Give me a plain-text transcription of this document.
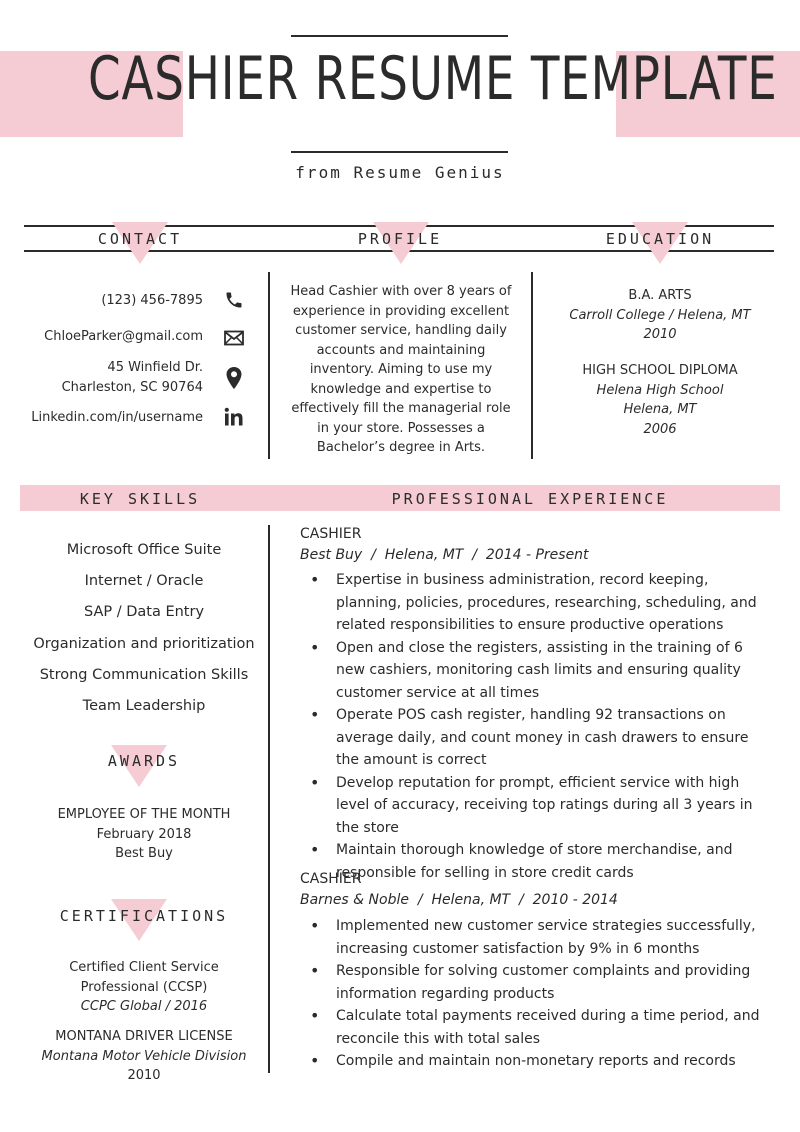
CASHIER RESUME TEMPLATE
from Resume Genius
CONTACT	PROFILE	EDUCATION
(123) 456-7895
ChloeParker@gmail.com
45 Winfield Dr.
Charleston, SC 90764
Linkedin.com/in/username
Head Cashier with over 8 years of experience in providing excellent customer service, handling daily accounts and maintaining inventory. Aiming to use my knowledge and expertise to effectively fill the managerial role in your store. Possesses a Bachelor’s degree in Arts.
B.A. ARTS
Carroll College / Helena, MT
2010
HIGH SCHOOL DIPLOMA
Helena High School
Helena, MT
2006
KEY SKILLS	PROFESSIONAL EXPERIENCE
Microsoft Office Suite
Internet / Oracle
SAP / Data Entry
Organization and prioritization
Strong Communication Skills
Team Leadership
AWARDS
EMPLOYEE OF THE MONTH
February 2018
Best Buy
CERTIFICATIONS
Certified Client Service
Professional (CCSP)
CCPC Global / 2016
MONTANA DRIVER LICENSE
Montana Motor Vehicle Division
2010
CASHIER
Best Buy  /  Helena, MT  /  2014 - Present
• Expertise in business administration, record keeping, planning, policies, procedures, researching, scheduling, and related responsibilities to ensure productive operations
• Open and close the registers, assisting in the training of 6 new cashiers, monitoring cash limits and ensuring quality customer service at all times
• Operate POS cash register, handling 92 transactions on average daily, and count money in cash drawers to ensure the amount is correct
• Develop reputation for prompt, efficient service with high level of accuracy, receiving top ratings during all 3 years in the store
• Maintain thorough knowledge of store merchandise, and responsible for selling in store credit cards
CASHIER
Barnes & Noble  /  Helena, MT  /  2010 - 2014
• Implemented new customer service strategies successfully, increasing customer satisfaction by 9% in 6 months
• Responsible for solving customer complaints and providing information regarding products
• Calculate total payments received during a time period, and reconcile this with total sales
• Compile and maintain non-monetary reports and records
